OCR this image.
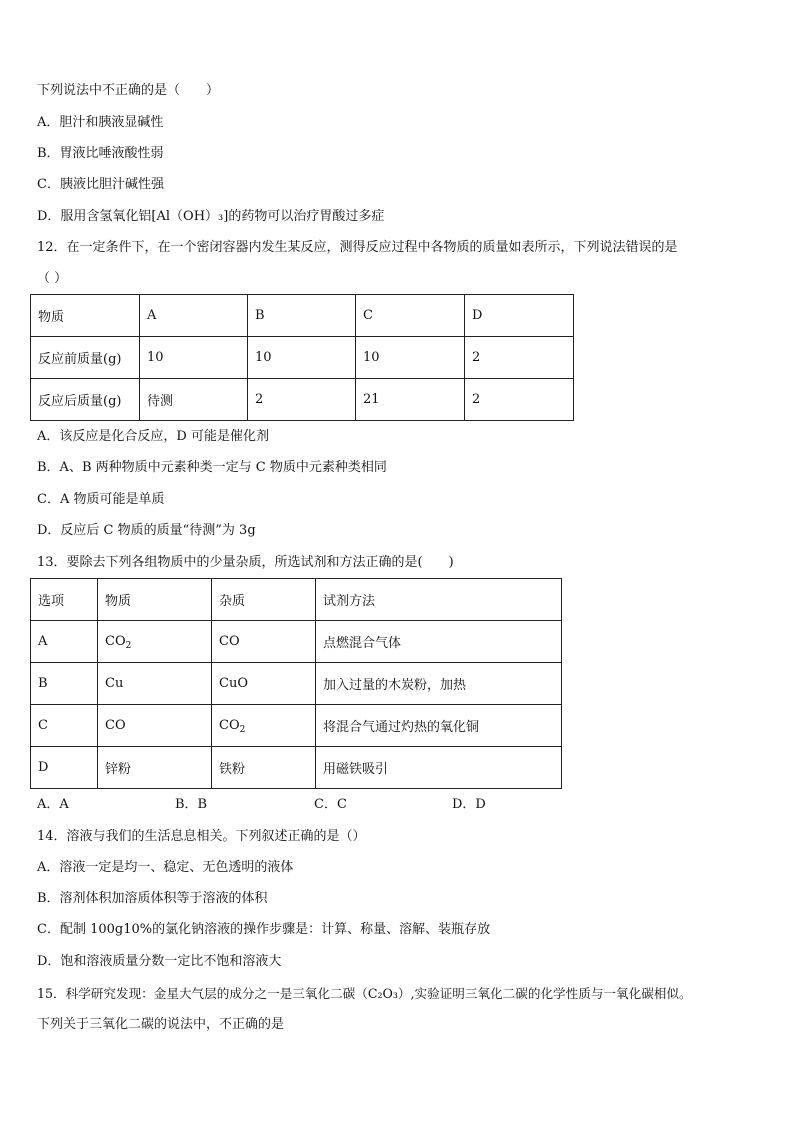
下列说法中不正确的是（　　）
A．胆汁和胰液显碱性
B．胃液比唾液酸性弱
C．胰液比胆汁碱性强
D．服用含氢氧化铝[Al（OH）₃]的药物可以治疗胃酸过多症
12．在一定条件下，在一个密闭容器内发生某反应，测得反应过程中各物质的质量如表所示，下列说法错误的是
（ ）
物质	A	B	C	D
反应前质量(g)	10	10	10	2
反应后质量(g)	待测	2	21	2
A．该反应是化合反应，D 可能是催化剂
B．A、B 两种物质中元素种类一定与 C 物质中元素种类相同
C．A 物质可能是单质
D．反应后 C 物质的质量“待测”为 3g
13．要除去下列各组物质中的少量杂质，所选试剂和方法正确的是(　　)
选项	物质	杂质	试剂方法
A	$CO_2$	CO	点燃混合气体
B	Cu	CuO	加入过量的木炭粉，加热
C	CO	$CO_2$	将混合气通过灼热的氧化铜
D	锌粉	铁粉	用磁铁吸引
A．A	B．B	C．C	D．D
14．溶液与我们的生活息息相关。下列叙述正确的是（）
A．溶液一定是均一、稳定、无色透明的液体
B．溶剂体积加溶质体积等于溶液的体积
C．配制 100g10%的氯化钠溶液的操作步骤是：计算、称量、溶解、装瓶存放
D．饱和溶液质量分数一定比不饱和溶液大
15．科学研究发现：金星大气层的成分之一是三氧化二碳（C₂O₃）,实验证明三氧化二碳的化学性质与一氧化碳相似。
下列关于三氧化二碳的说法中，不正确的是
